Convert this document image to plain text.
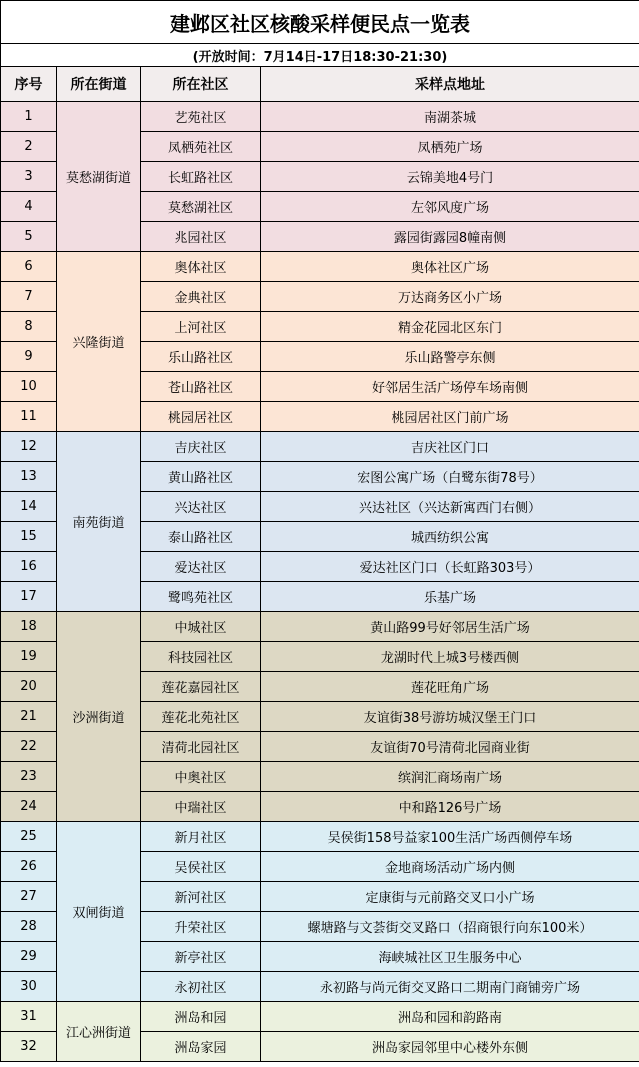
建邺区社区核酸采样便民点一览表			
(开放时间：7月14日-17日18:30-21:30)			
序号	所在街道	所在社区	采样点地址
1	莫愁湖街道	艺苑社区	南湖茶城
2		凤栖苑社区	凤栖苑广场
3		长虹路社区	云锦美地4号门
4		莫愁湖社区	左邻风度广场
5		兆园社区	露园街露园8幢南侧
6	兴隆街道	奥体社区	奥体社区广场
7		金典社区	万达商务区小广场
8		上河社区	精金花园北区东门
9		乐山路社区	乐山路警亭东侧
10		苍山路社区	好邻居生活广场停车场南侧
11		桃园居社区	桃园居社区门前广场
12	南苑街道	吉庆社区	吉庆社区门口
13		黄山路社区	宏图公寓广场（白鹭东街78号）
14		兴达社区	兴达社区（兴达新寓西门右侧）
15		泰山路社区	城西纺织公寓
16		爱达社区	爱达社区门口（长虹路303号）
17		鹭鸣苑社区	乐基广场
18	沙洲街道	中城社区	黄山路99号好邻居生活广场
19		科技园社区	龙湖时代上城3号楼西侧
20		莲花嘉园社区	莲花旺角广场
21		莲花北苑社区	友谊街38号游坊城汉堡王门口
22		清荷北园社区	友谊街70号清荷北园商业街
23		中奥社区	缤润汇商场南广场
24		中瑞社区	中和路126号广场
25	双闸街道	新月社区	吴侯街158号益家100生活广场西侧停车场
26		吴侯社区	金地商场活动广场内侧
27		新河社区	定康街与元前路交叉口小广场
28		升荣社区	螺塘路与文荟街交叉路口（招商银行向东100米）
29		新亭社区	海峡城社区卫生服务中心
30		永初社区	永初路与尚元街交叉路口二期南门商铺旁广场
31	江心洲街道	洲岛和园	洲岛和园和韵路南
32		洲岛家园	洲岛家园邻里中心楼外东侧
